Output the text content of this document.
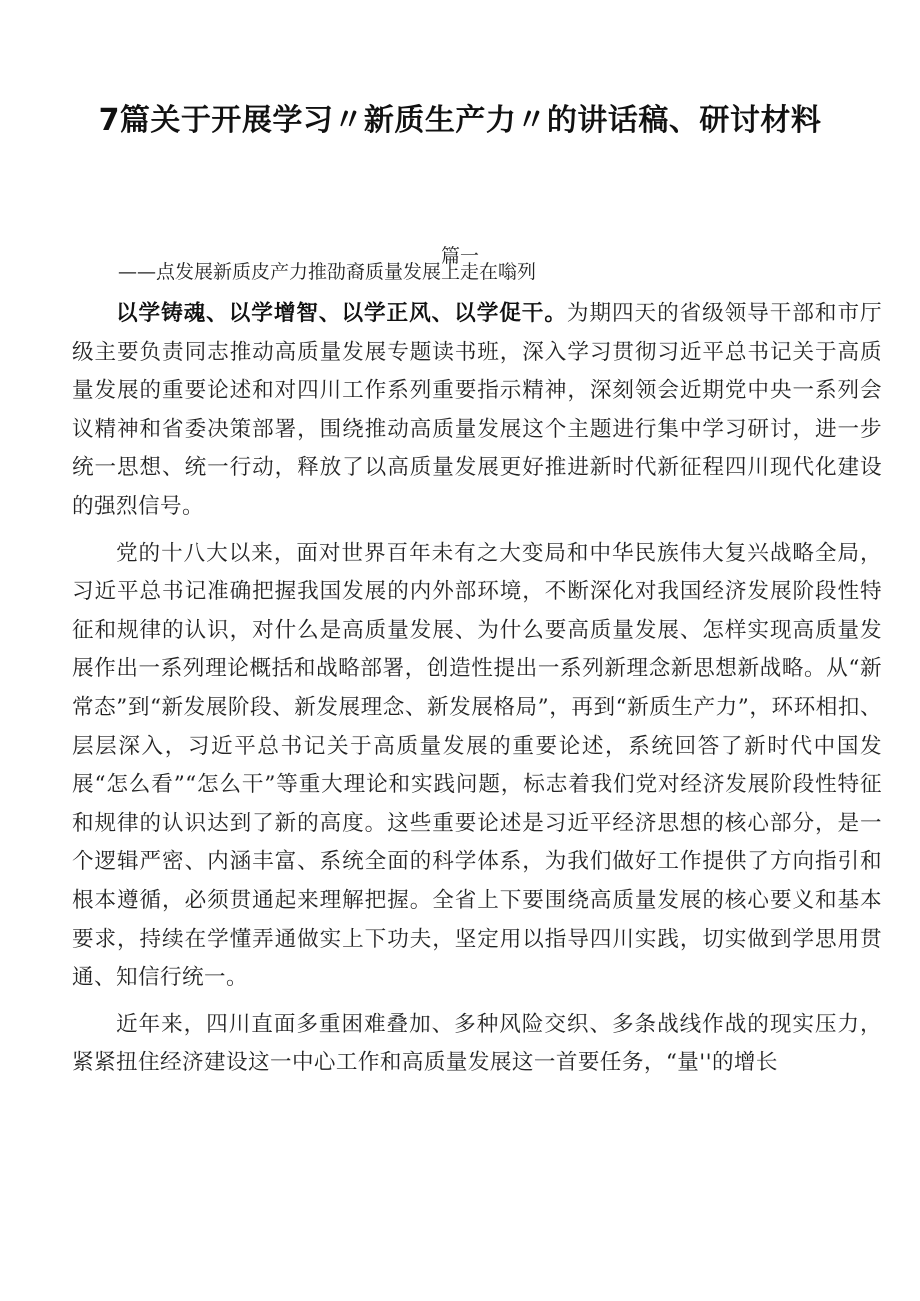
7篇关于开展学习〃新质生产力〃的讲话稿、研讨材料
篇一
——点发展新质皮产力推劭裔质量发展上走在嗡列

以学铸魂、以学增智、以学正风、以学促干。为期四天的省级领导干部和市厅级主要负责同志推动高质量发展专题读书班，深入学习贯彻习近平总书记关于高质量发展的重要论述和对四川工作系列重要指示精神，深刻领会近期党中央一系列会议精神和省委决策部署，围绕推动高质量发展这个主题进行集中学习研讨，进一步统一思想、统一行动，释放了以高质量发展更好推进新时代新征程四川现代化建设的强烈信号。

党的十八大以来，面对世界百年未有之大变局和中华民族伟大复兴战略全局，习近平总书记准确把握我国发展的内外部环境，不断深化对我国经济发展阶段性特征和规律的认识，对什么是高质量发展、为什么要高质量发展、怎样实现高质量发展作出一系列理论概括和战略部署，创造性提出一系列新理念新思想新战略。从“新常态”到“新发展阶段、新发展理念、新发展格局”，再到“新质生产力”，环环相扣、层层深入，习近平总书记关于高质量发展的重要论述，系统回答了新时代中国发展“怎么看”“怎么干”等重大理论和实践问题，标志着我们党对经济发展阶段性特征和规律的认识达到了新的高度。这些重要论述是习近平经济思想的核心部分，是一个逻辑严密、内涵丰富、系统全面的科学体系，为我们做好工作提供了方向指引和根本遵循，必须贯通起来理解把握。全省上下要围绕高质量发展的核心要义和基本要求，持续在学懂弄通做实上下功夫，坚定用以指导四川实践，切实做到学思用贯通、知信行统一。

近年来，四川直面多重困难叠加、多种风险交织、多条战线作战的现实压力，紧紧扭住经济建设这一中心工作和高质量发展这一首要任务，“量''的增长
